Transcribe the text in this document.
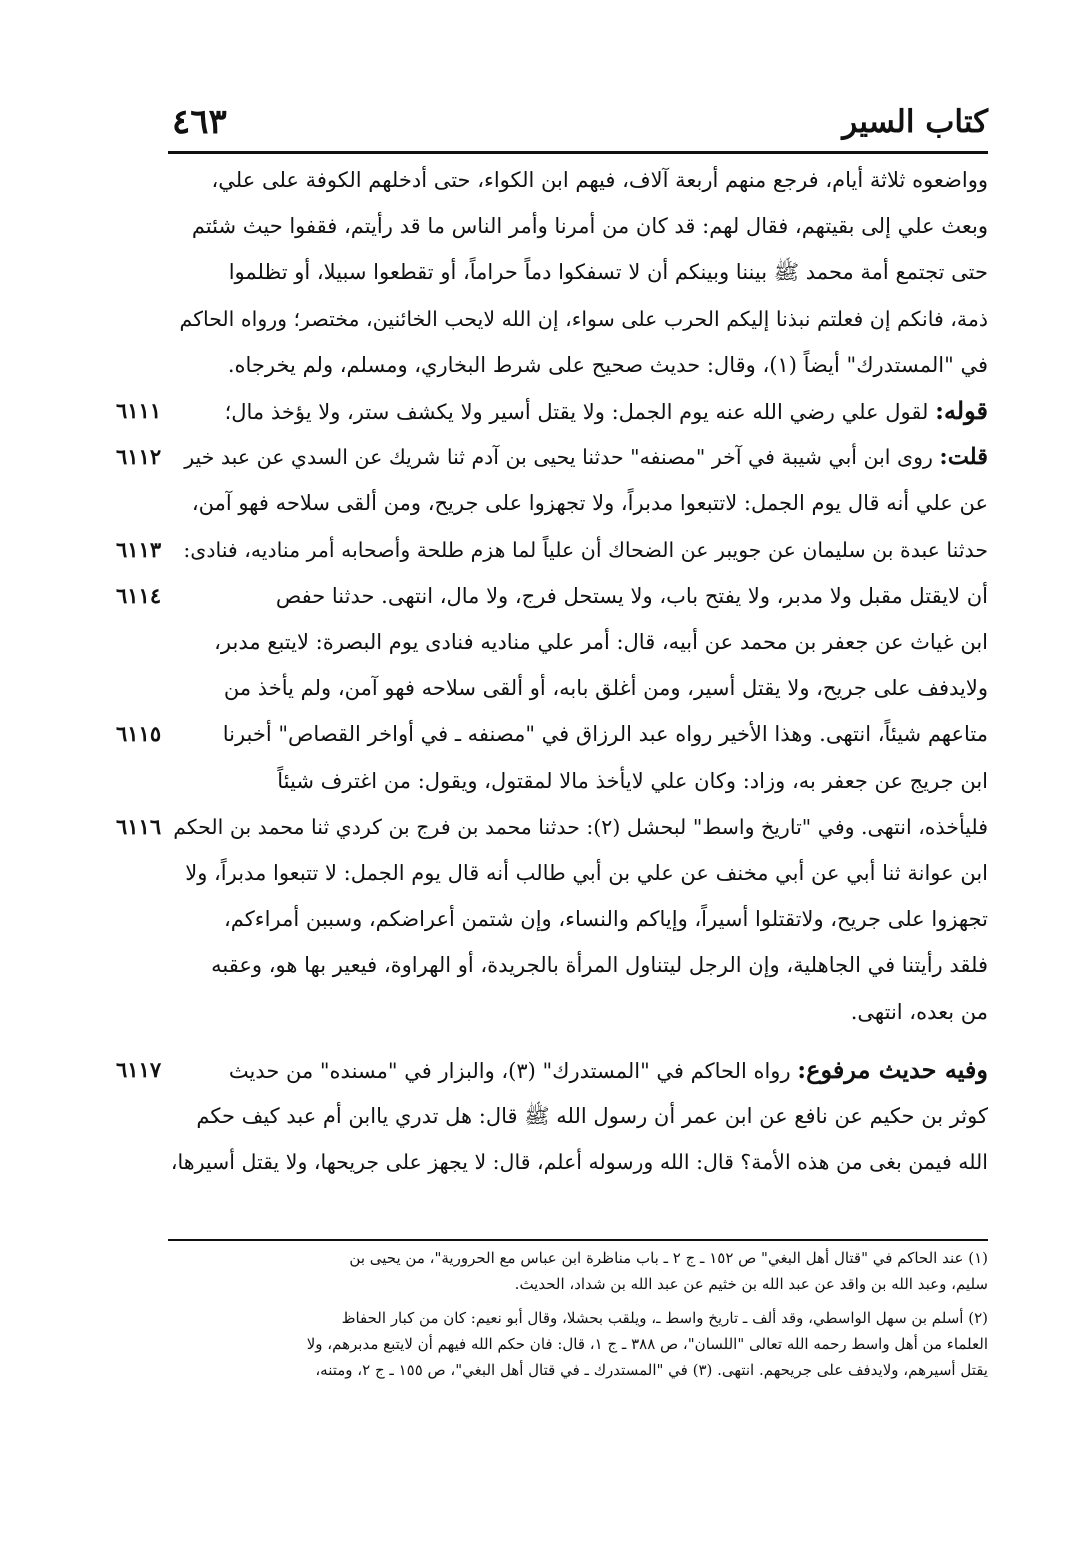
كتاب السير
٤٦٣
وواضعوه ثلاثة أيام، فرجع منهم أربعة آلاف، فيهم ابن الكواء، حتى أدخلهم الكوفة على علي،
وبعث علي إلى بقيتهم، فقال لهم: قد كان من أمرنا وأمر الناس ما قد رأيتم، فقفوا حيث شئتم
حتى تجتمع أمة محمد ﷺ بيننا وبينكم أن لا تسفكوا دماً حراماً، أو تقطعوا سبيلا، أو تظلموا
ذمة، فانكم إن فعلتم نبذنا إليكم الحرب على سواء، إن الله لايحب الخائنين، مختصر؛ ورواه الحاكم
في "المستدرك" أيضاً (١)، وقال: حديث صحيح على شرط البخاري، ومسلم، ولم يخرجاه.
قوله: لقول علي رضي الله عنه يوم الجمل: ولا يقتل أسير ولا يكشف ستر، ولا يؤخذ مال؛
٦١١١
قلت: روى ابن أبي شيبة في آخر "مصنفه" حدثنا يحيى بن آدم ثنا شريك عن السدي عن عبد خير
٦١١٢
عن علي أنه قال يوم الجمل: لاتتبعوا مدبراً، ولا تجهزوا على جريح، ومن ألقى سلاحه فهو آمن،
حدثنا عبدة بن سليمان عن جويبر عن الضحاك أن علياً لما هزم طلحة وأصحابه أمر مناديه، فنادى:
٦١١٣
أن لايقتل مقبل ولا مدبر، ولا يفتح باب، ولا يستحل فرج، ولا مال، انتهى. حدثنا حفص
٦١١٤
ابن غياث عن جعفر بن محمد عن أبيه، قال: أمر علي مناديه فنادى يوم البصرة: لايتبع مدبر،
ولايدفف على جريح، ولا يقتل أسير، ومن أغلق بابه، أو ألقى سلاحه فهو آمن، ولم يأخذ من
متاعهم شيئاً، انتهى. وهذا الأخير رواه عبد الرزاق في "مصنفه ـ في أواخر القصاص" أخبرنا
٦١١٥
ابن جريج عن جعفر به، وزاد: وكان علي لايأخذ مالا لمقتول، ويقول: من اغترف شيئاً
فليأخذه، انتهى. وفي "تاريخ واسط" لبحشل (٢): حدثنا محمد بن فرج بن كردي ثنا محمد بن الحكم
٦١١٦
ابن عوانة ثنا أبي عن أبي مخنف عن علي بن أبي طالب أنه قال يوم الجمل: لا تتبعوا مدبراً، ولا
تجهزوا على جريح، ولاتقتلوا أسيراً، وإياكم والنساء، وإن شتمن أعراضكم، وسببن أمراءكم،
فلقد رأيتنا في الجاهلية، وإن الرجل ليتناول المرأة بالجريدة، أو الهراوة، فيعير بها هو، وعقبه
من بعده، انتهى.
وفيه حديث مرفوع: رواه الحاكم في "المستدرك" (٣)، والبزار في "مسنده" من حديث
٦١١٧
كوثر بن حكيم عن نافع عن ابن عمر أن رسول الله ﷺ قال: هل تدري ياابن أم عبد كيف حكم
الله فيمن بغى من هذه الأمة؟ قال: الله ورسوله أعلم، قال: لا يجهز على جريحها، ولا يقتل أسيرها،
(١) عند الحاكم في "قتال أهل البغي" ص ١٥٢ ـ ج ٢ ـ باب مناظرة ابن عباس مع الحرورية"، من يحيى بن
سليم، وعبد الله بن واقد عن عبد الله بن خثيم عن عبد الله بن شداد، الحديث.
(٢) أسلم بن سهل الواسطي، وقد ألف ـ تاريخ واسط ـ، ويلقب بحشلا، وقال أبو نعيم: كان من كبار الحفاظ
العلماء من أهل واسط رحمه الله تعالى "اللسان"، ص ٣٨٨ ـ ج ١، قال: فان حكم الله فيهم أن لايتبع مدبرهم، ولا
يقتل أسيرهم، ولايدفف على جريحهم. انتهى. (٣) في "المستدرك ـ في قتال أهل البغي"، ص ١٥٥ ـ ج ٢، ومتنه،
